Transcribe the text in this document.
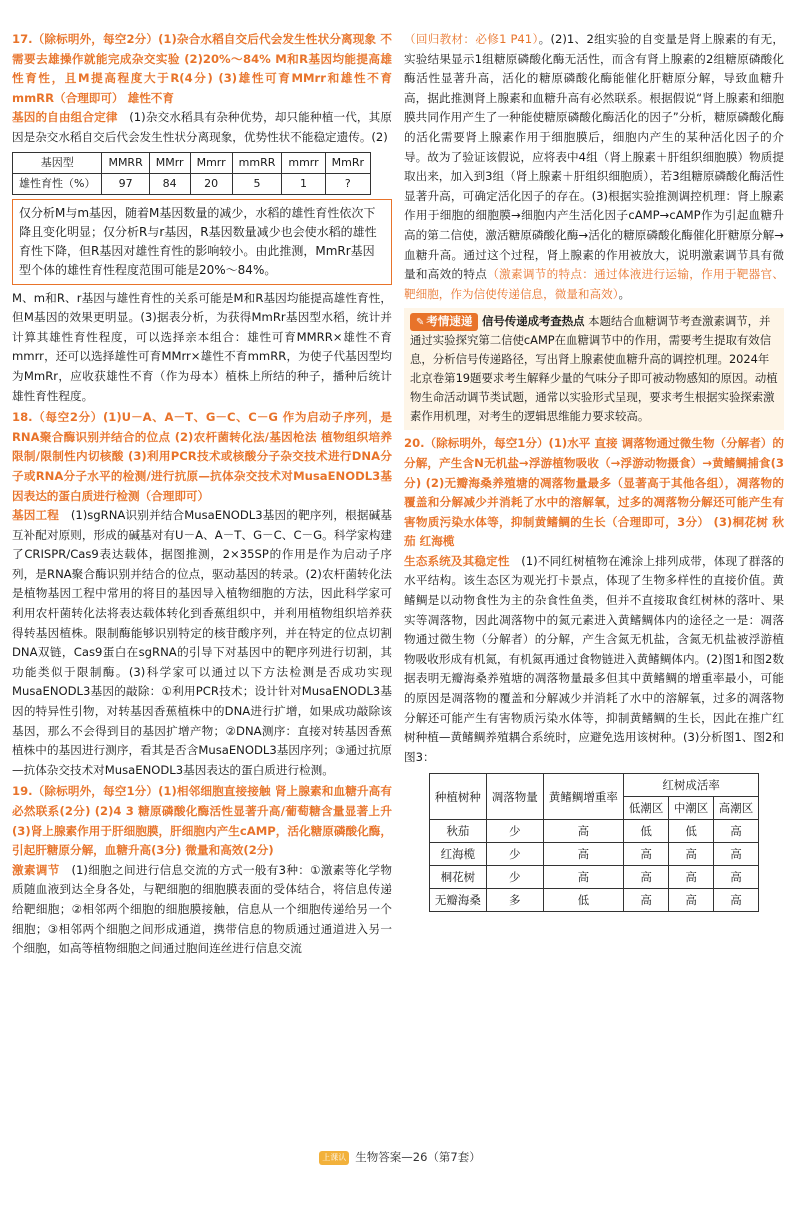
17.（除标明外，每空2分）(1)杂合水稻自交后代会发生性状分离现象 不需要去雄操作就能完成杂交实验 (2)20%～84% M和R基因均能提高雄性育性，且M提高程度大于R(4分) (3)雄性可育MMrr和雄性不育mmRR（合理即可） 雄性不育

基因的自由组合定律　 (1)杂交水稻具有杂种优势，却只能种植一代，其原因是杂交水稻自交后代会发生性状分离现象，优势性状不能稳定遗传。(2)

基因型	MMRR	MMrr	Mmrr	mmRR	mmrr	MmRr
雄性育性（%）	97	84	20	5	1	?
仅分析M与m基因，随着M基因数量的减少，水稻的雄性育性依次下降且变化明显；仅分析R与r基因，R基因数量减少也会使水稻的雄性育性下降，但R基因对雄性育性的影响较小。由此推测，MmRr基因型个体的雄性育性程度范围可能是20%～84%。

M、m和R、r基因与雄性育性的关系可能是M和R基因均能提高雄性育性，但M基因的效果更明显。(3)据表分析，为获得MmRr基因型水稻，统计并计算其雄性育性程度，可以选择亲本组合：雄性可育MMRR×雄性不育mmrr，还可以选择雄性可育MMrr×雄性不育mmRR，为使子代基因型均为MmRr，应收获雄性不育（作为母本）植株上所结的种子，播种后统计雄性育性程度。

18.（每空2分）(1)U－A、A－T、G－C、C－G 作为启动子序列，是RNA聚合酶识别并结合的位点 (2)农杆菌转化法/基因枪法 植物组织培养 限制/限制性内切核酸 (3)利用PCR技术或核酸分子杂交技术进行DNA分子或RNA分子水平的检测/进行抗原—抗体杂交技术对MusaENODL3基因表达的蛋白质进行检测（合理即可）

基因工程　 (1)sgRNA识别并结合MusaENODL3基因的靶序列，根据碱基互补配对原则，形成的碱基对有U－A、A－T、G－C、C－G。科学家构建了CRISPR/Cas9表达载体，据图推测，2×35SP的作用是作为启动子序列，是RNA聚合酶识别并结合的位点，驱动基因的转录。(2)农杆菌转化法是植物基因工程中常用的将目的基因导入植物细胞的方法，因此科学家可利用农杆菌转化法将表达载体转化到香蕉组织中，并利用植物组织培养获得转基因植株。限制酶能够识别特定的核苷酸序列，并在特定的位点切割DNA双链，Cas9蛋白在sgRNA的引导下对基因中的靶序列进行切割，其功能类似于限制酶。(3)科学家可以通过以下方法检测是否成功实现MusaENODL3基因的敲除：①利用PCR技术；设计针对MusaENODL3基因的特异性引物，对转基因香蕉植株中的DNA进行扩增，如果成功敲除该基因，那么不会得到目的基因扩增产物；②DNA测序：直接对转基因香蕉植株中的基因进行测序，看其是否含MusaENODL3基因序列；③通过抗原—抗体杂交技术对MusaENODL3基因表达的蛋白质进行检测。

19.（除标明外，每空1分）(1)相邻细胞直接接触 肾上腺素和血糖升高有必然联系(2分) (2)4 3 糖原磷酸化酶活性显著升高/葡萄糖含量显著上升 (3)肾上腺素作用于肝细胞膜，肝细胞内产生cAMP，活化糖原磷酸化酶，引起肝糖原分解，血糖升高(3分) 微量和高效(2分)

激素调节　 (1)细胞之间进行信息交流的方式一般有3种：①激素等化学物质随血液到达全身各处，与靶细胞的细胞膜表面的受体结合，将信息传递给靶细胞；②相邻两个细胞的细胞膜接触，信息从一个细胞传递给另一个细胞；③相邻两个细胞之间形成通道，携带信息的物质通过通道进入另一个细胞，如高等植物细胞之间通过胞间连丝进行信息交流

（回归教材：必修1 P41）。(2)1、2组实验的自变量是肾上腺素的有无，实验结果显示1组糖原磷酸化酶无活性，而含有肾上腺素的2组糖原磷酸化酶活性显著升高，活化的糖原磷酸化酶能催化肝糖原分解，导致血糖升高，据此推测肾上腺素和血糖升高有必然联系。根据假说“肾上腺素和细胞膜共同作用产生了一种能使糖原磷酸化酶活化的因子”分析，糖原磷酸化酶的活化需要肾上腺素作用于细胞膜后，细胞内产生的某种活化因子的介导。故为了验证该假说，应将表中4组（肾上腺素＋肝组织细胞膜）物质提取出来，加入到3组（肾上腺素＋肝组织细胞质），若3组糖原磷酸化酶活性显著升高，可确定活化因子的存在。(3)根据实验推测调控机理：肾上腺素作用于细胞的细胞膜→细胞内产生活化因子cAMP→cAMP作为引起血糖升高的第二信使，激活糖原磷酸化酶→活化的糖原磷酸化酶催化肝糖原分解→血糖升高。通过这个过程，肾上腺素的作用被放大，说明激素调节具有微量和高效的特点（激素调节的特点：通过体液进行运输，作用于靶器官、靶细胞，作为信使传递信息，微量和高效）。

✎ 考情速递 信号传递成考查热点 本题结合血糖调节考查激素调节，并通过实验探究第二信使cAMP在血糖调节中的作用，需要考生提取有效信息，分析信号传递路径，写出肾上腺素使血糖升高的调控机理。2024年北京卷第19题要求考生解释少量的气味分子即可被动物感知的原因。动植物生命活动调节类试题，通常以实验形式呈现，要求考生根据实验探索激素作用机理，对考生的逻辑思维能力要求较高。

20.（除标明外，每空1分）(1)水平 直接 调落物通过微生物（分解者）的分解，产生含N无机盐→浮游植物吸收（→浮游动物摄食）→黄鳍鲷捕食(3分) (2)无瓣海桑养殖塘的凋落物量最多（显著高于其他各组），凋落物的覆盖和分解减少并消耗了水中的溶解氧，过多的凋落物分解还可能产生有害物质污染水体等，抑制黄鳍鲷的生长（合理即可，3分） (3)桐花树 秋茄 红海榄

生态系统及其稳定性　 (1)不同红树植物在滩涂上排列成带，体现了群落的水平结构。该生态区为观光打卡景点，体现了生物多样性的直接价值。黄鳍鲷是以动物食性为主的杂食性鱼类，但并不直接取食红树林的落叶、果实等凋落物，因此凋落物中的氮元素进入黄鳍鲷体内的途径之一是：凋落物通过微生物（分解者）的分解，产生含氮无机盐，含氮无机盐被浮游植物吸收形成有机氮，有机氮再通过食物链进入黄鳍鲷体内。(2)图1和图2数据表明无瓣海桑养殖塘的凋落物量最多但其中黄鳍鲷的增重率最小，可能的原因是凋落物的覆盖和分解减少并消耗了水中的溶解氧，过多的凋落物分解还可能产生有害物质污染水体等，抑制黄鳍鲷的生长，因此在推广红树种植—黄鳍鲷养殖耦合系统时，应避免选用该树种。(3)分析图1、图2和图3：

种植树种	凋落物量	黄鳍鲷增重率	红树成活率		
			低潮区	中潮区	高潮区
秋茄	少	高	低	低	高
红海榄	少	高	高	高	高
桐花树	少	高	高	高	高
无瓣海桑	多	低	高	高	高
上课认真听 下课练天星生物答案—26（第7套）
